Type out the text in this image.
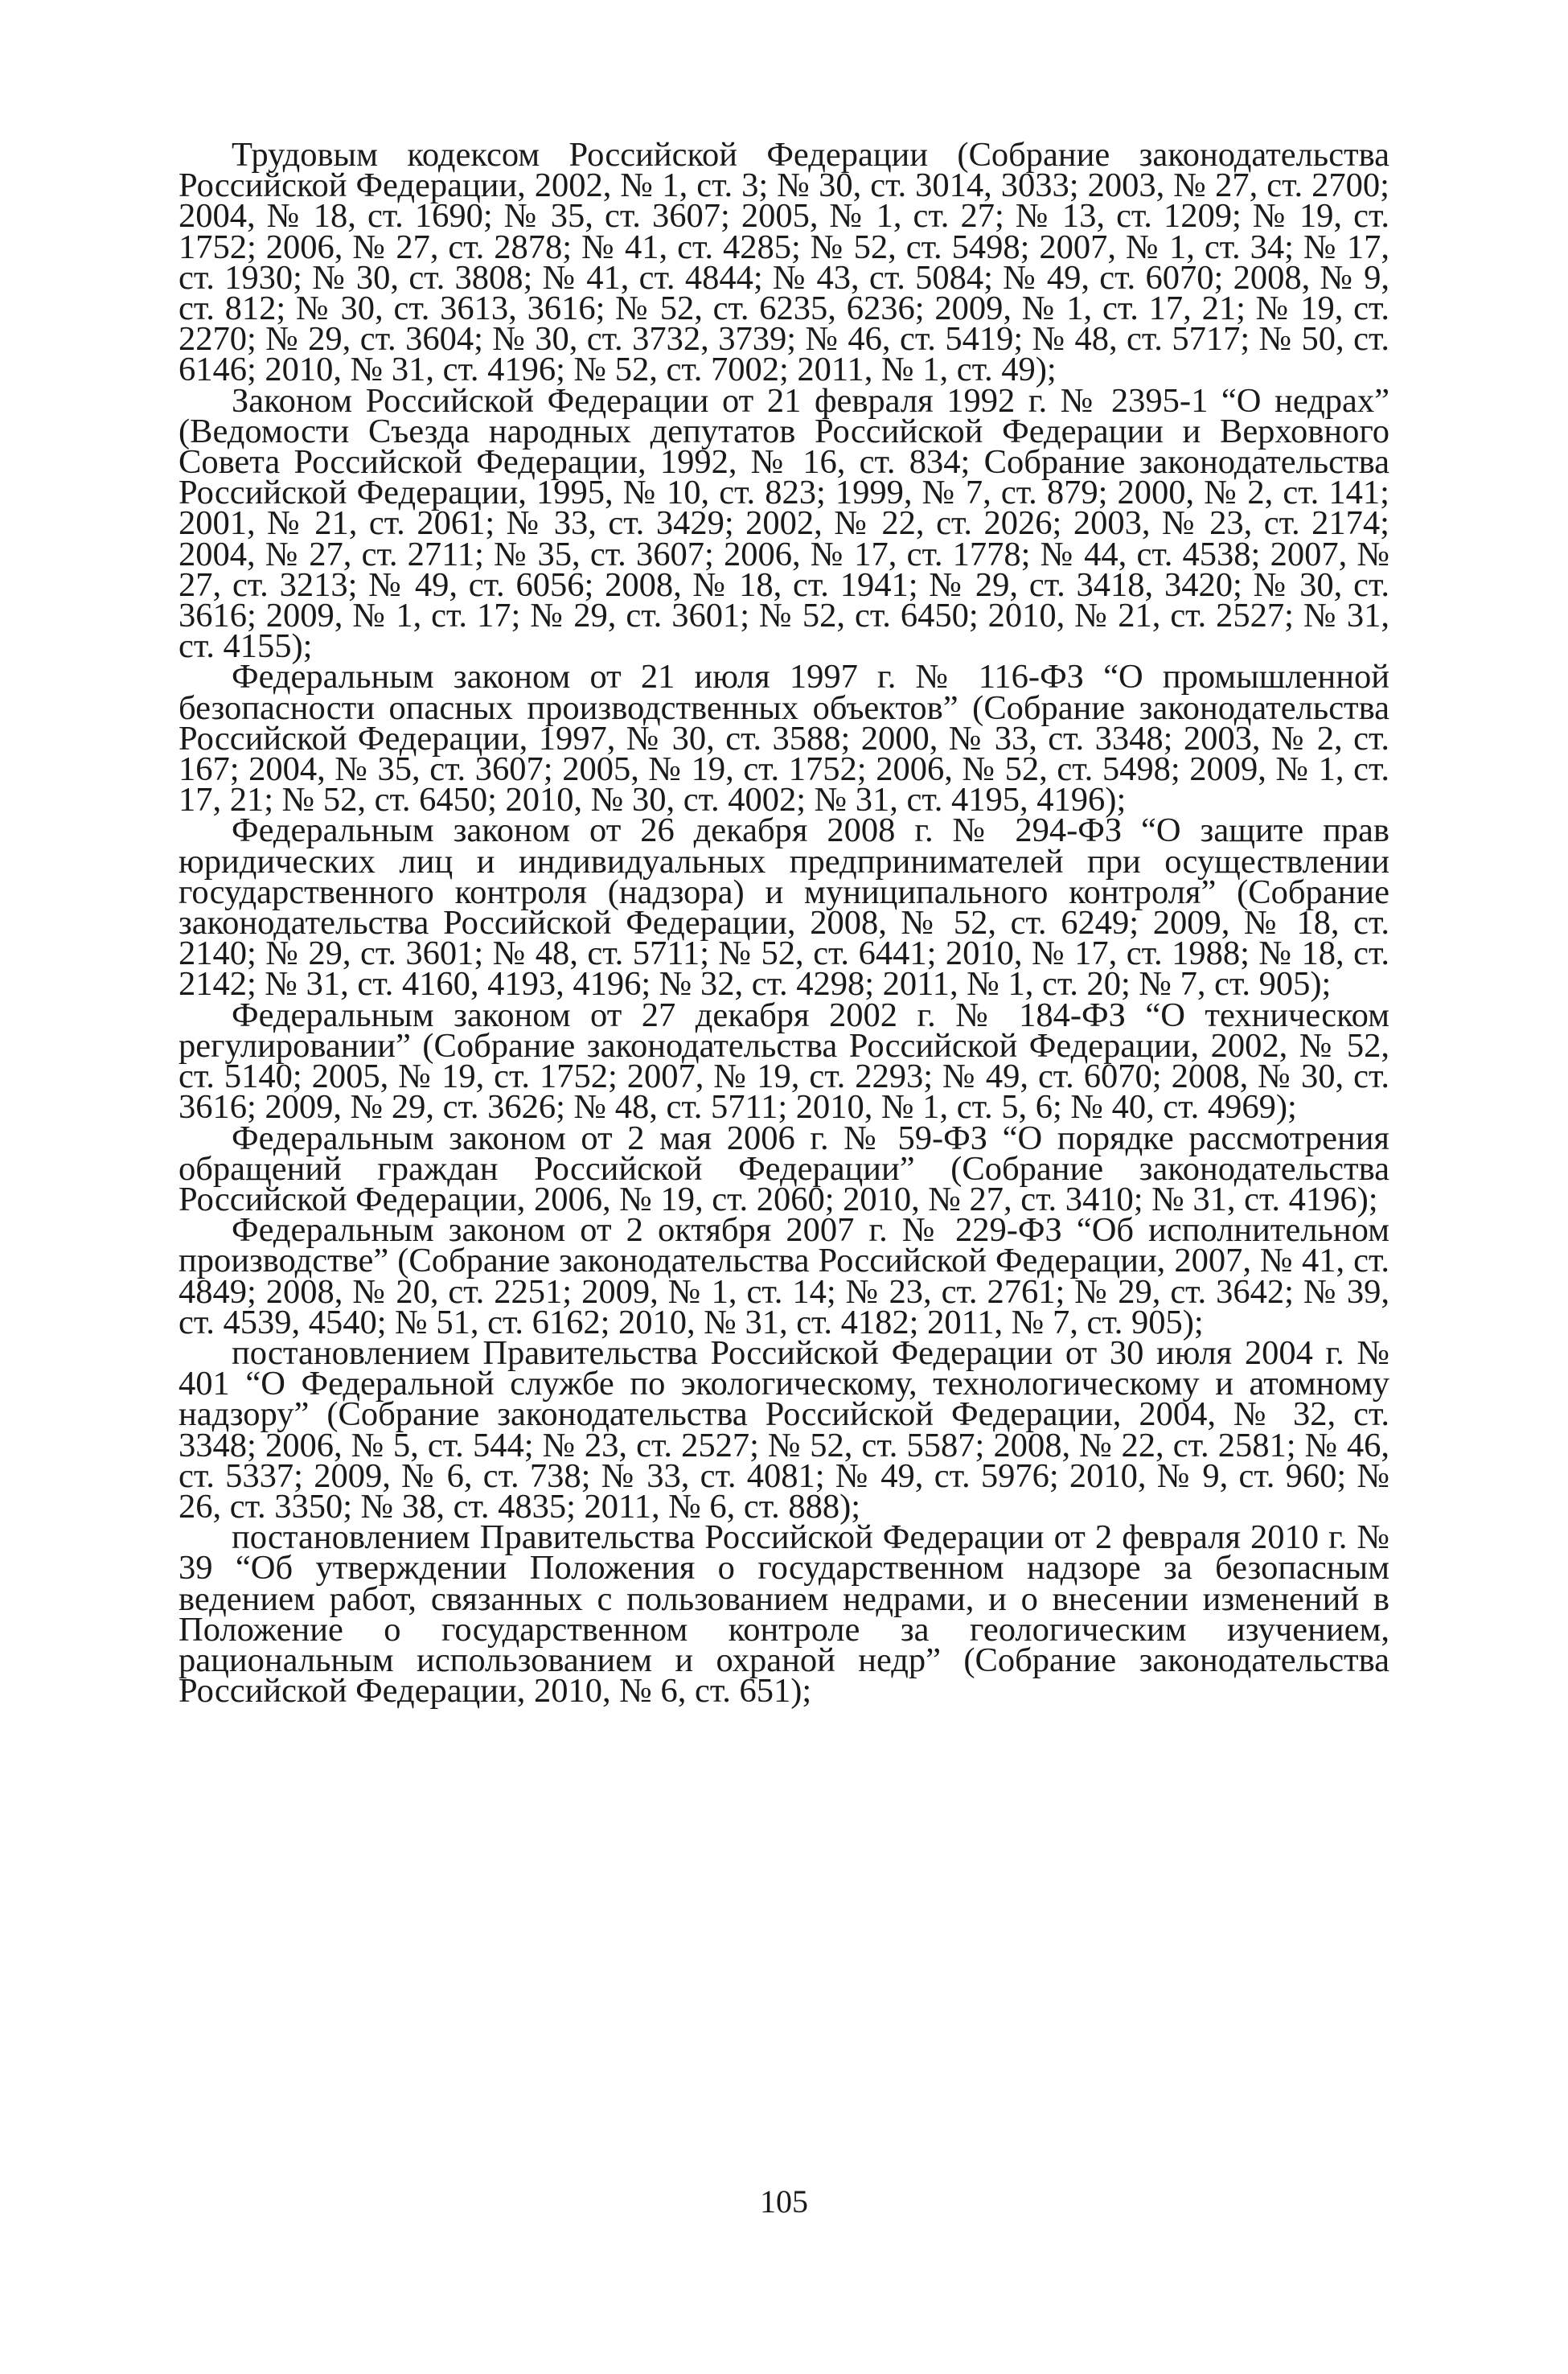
Трудовым кодексом Российской Федерации (Собрание законодательства Российской Федерации, 2002, № 1, ст. 3; № 30, ст. 3014, 3033; 2003, № 27, ст. 2700; 2004, № 18, ст. 1690; № 35, ст. 3607; 2005, № 1, ст. 27; № 13, ст. 1209; № 19, ст. 1752; 2006, № 27, ст. 2878; № 41, ст. 4285; № 52, ст. 5498; 2007, № 1, ст. 34; № 17, ст. 1930; № 30, ст. 3808; № 41, ст. 4844; № 43, ст. 5084; № 49, ст. 6070; 2008, № 9, ст. 812; № 30, ст. 3613, 3616; № 52, ст. 6235, 6236; 2009, № 1, ст. 17, 21; № 19, ст. 2270; № 29, ст. 3604; № 30, ст. 3732, 3739; № 46, ст. 5419; № 48, ст. 5717; № 50, ст. 6146; 2010, № 31, ст. 4196; № 52, ст. 7002; 2011, № 1, ст. 49);

Законом Российской Федерации от 21 февраля 1992 г. № 2395-1 “О недрах” (Ведомости Съезда народных депутатов Российской Федерации и Верховного Совета Российской Федерации, 1992, № 16, ст. 834; Собрание законодательства Российской Федерации, 1995, № 10, ст. 823; 1999, № 7, ст. 879; 2000, № 2, ст. 141; 2001, № 21, ст. 2061; № 33, ст. 3429; 2002, № 22, ст. 2026; 2003, № 23, ст. 2174; 2004, № 27, ст. 2711; № 35, ст. 3607; 2006, № 17, ст. 1778; № 44, ст. 4538; 2007, № 27, ст. 3213; № 49, ст. 6056; 2008, № 18, ст. 1941; № 29, ст. 3418, 3420; № 30, ст. 3616; 2009, № 1, ст. 17; № 29, ст. 3601; № 52, ст. 6450; 2010, № 21, ст. 2527; № 31, ст. 4155);

Федеральным законом от 21 июля 1997 г. № 116-ФЗ “О промышленной безопасности опасных производственных объектов” (Собрание законодательства Российской Федерации, 1997, № 30, ст. 3588; 2000, № 33, ст. 3348; 2003, № 2, ст. 167; 2004, № 35, ст. 3607; 2005, № 19, ст. 1752; 2006, № 52, ст. 5498; 2009, № 1, ст. 17, 21; № 52, ст. 6450; 2010, № 30, ст. 4002; № 31, ст. 4195, 4196);

Федеральным законом от 26 декабря 2008 г. № 294-ФЗ “О защите прав юридических лиц и индивидуальных предпринимателей при осуществлении государственного контроля (надзора) и муниципального контроля” (Собрание законодательства Российской Федерации, 2008, № 52, ст. 6249; 2009, № 18, ст. 2140; № 29, ст. 3601; № 48, ст. 5711; № 52, ст. 6441; 2010, № 17, ст. 1988; № 18, ст. 2142; № 31, ст. 4160, 4193, 4196; № 32, ст. 4298; 2011, № 1, ст. 20; № 7, ст. 905);

Федеральным законом от 27 декабря 2002 г. № 184-ФЗ “О техническом регулировании” (Собрание законодательства Российской Федерации, 2002, № 52, ст. 5140; 2005, № 19, ст. 1752; 2007, № 19, ст. 2293; № 49, ст. 6070; 2008, № 30, ст. 3616; 2009, № 29, ст. 3626; № 48, ст. 5711; 2010, № 1, ст. 5, 6; № 40, ст. 4969);

Федеральным законом от 2 мая 2006 г. № 59-ФЗ “О порядке рассмотрения обращений граждан Российской Федерации” (Собрание законодательства Российской Федерации, 2006, № 19, ст. 2060; 2010, № 27, ст. 3410; № 31, ст. 4196);

Федеральным законом от 2 октября 2007 г. № 229-ФЗ “Об исполнительном производстве” (Собрание законодательства Российской Федерации, 2007, № 41, ст. 4849; 2008, № 20, ст. 2251; 2009, № 1, ст. 14; № 23, ст. 2761; № 29, ст. 3642; № 39, ст. 4539, 4540; № 51, ст. 6162; 2010, № 31, ст. 4182; 2011, № 7, ст. 905);

постановлением Правительства Российской Федерации от 30 июля 2004 г. № 401 “О Федеральной службе по экологическому, технологическому и атомному надзору” (Собрание законодательства Российской Федерации, 2004, № 32, ст. 3348; 2006, № 5, ст. 544; № 23, ст. 2527; № 52, ст. 5587; 2008, № 22, ст. 2581; № 46, ст. 5337; 2009, № 6, ст. 738; № 33, ст. 4081; № 49, ст. 5976; 2010, № 9, ст. 960; № 26, ст. 3350; № 38, ст. 4835; 2011, № 6, ст. 888);

постановлением Правительства Российской Федерации от 2 февраля 2010 г. № 39 “Об утверждении Положения о государственном надзоре за безопасным ведением работ, связанных с пользованием недрами, и о внесении изменений в Положение о государственном контроле за геологическим изучением, рациональным использованием и охраной недр” (Собрание законодательства Российской Федерации, 2010, № 6, ст. 651);

105
